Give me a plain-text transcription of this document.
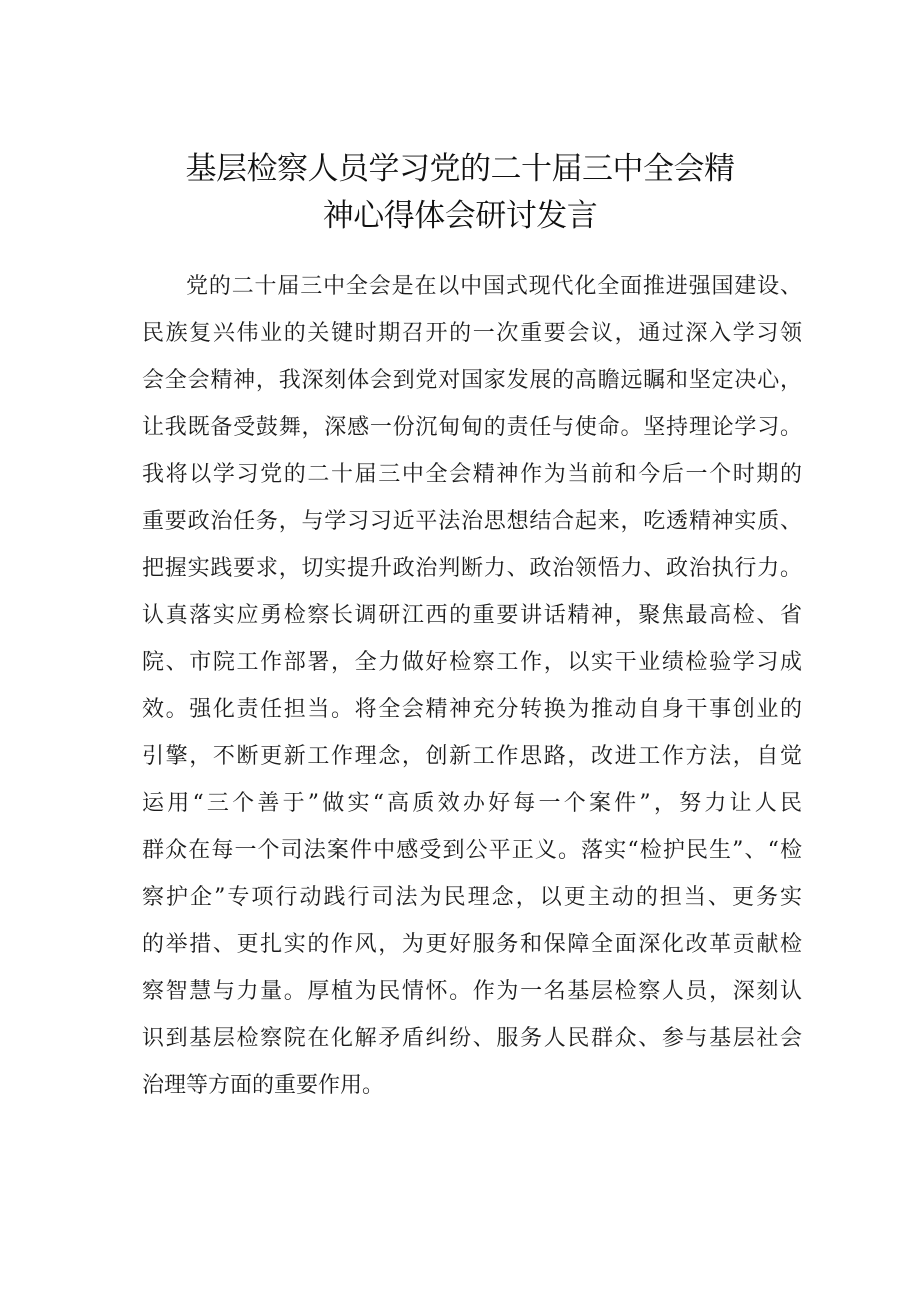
基层检察人员学习党的二十届三中全会精
神心得体会研讨发言
党的二十届三中全会是在以中国式现代化全面推进强国建设、
民族复兴伟业的关键时期召开的一次重要会议，通过深入学习领
会全会精神，我深刻体会到党对国家发展的高瞻远瞩和坚定决心，
让我既备受鼓舞，深感一份沉甸甸的责任与使命。坚持理论学习。
我将以学习党的二十届三中全会精神作为当前和今后一个时期的
重要政治任务，与学习习近平法治思想结合起来，吃透精神实质、
把握实践要求，切实提升政治判断力、政治领悟力、政治执行力。
认真落实应勇检察长调研江西的重要讲话精神，聚焦最高检、省
院、市院工作部署，全力做好检察工作，以实干业绩检验学习成
效。强化责任担当。将全会精神充分转换为推动自身干事创业的
引擎，不断更新工作理念，创新工作思路，改进工作方法，自觉
运用“三个善于”做实“高质效办好每一个案件”，努力让人民
群众在每一个司法案件中感受到公平正义。落实“检护民生”、“检
察护企”专项行动践行司法为民理念，以更主动的担当、更务实
的举措、更扎实的作风，为更好服务和保障全面深化改革贡献检
察智慧与力量。厚植为民情怀。作为一名基层检察人员，深刻认
识到基层检察院在化解矛盾纠纷、服务人民群众、参与基层社会
治理等方面的重要作用。
